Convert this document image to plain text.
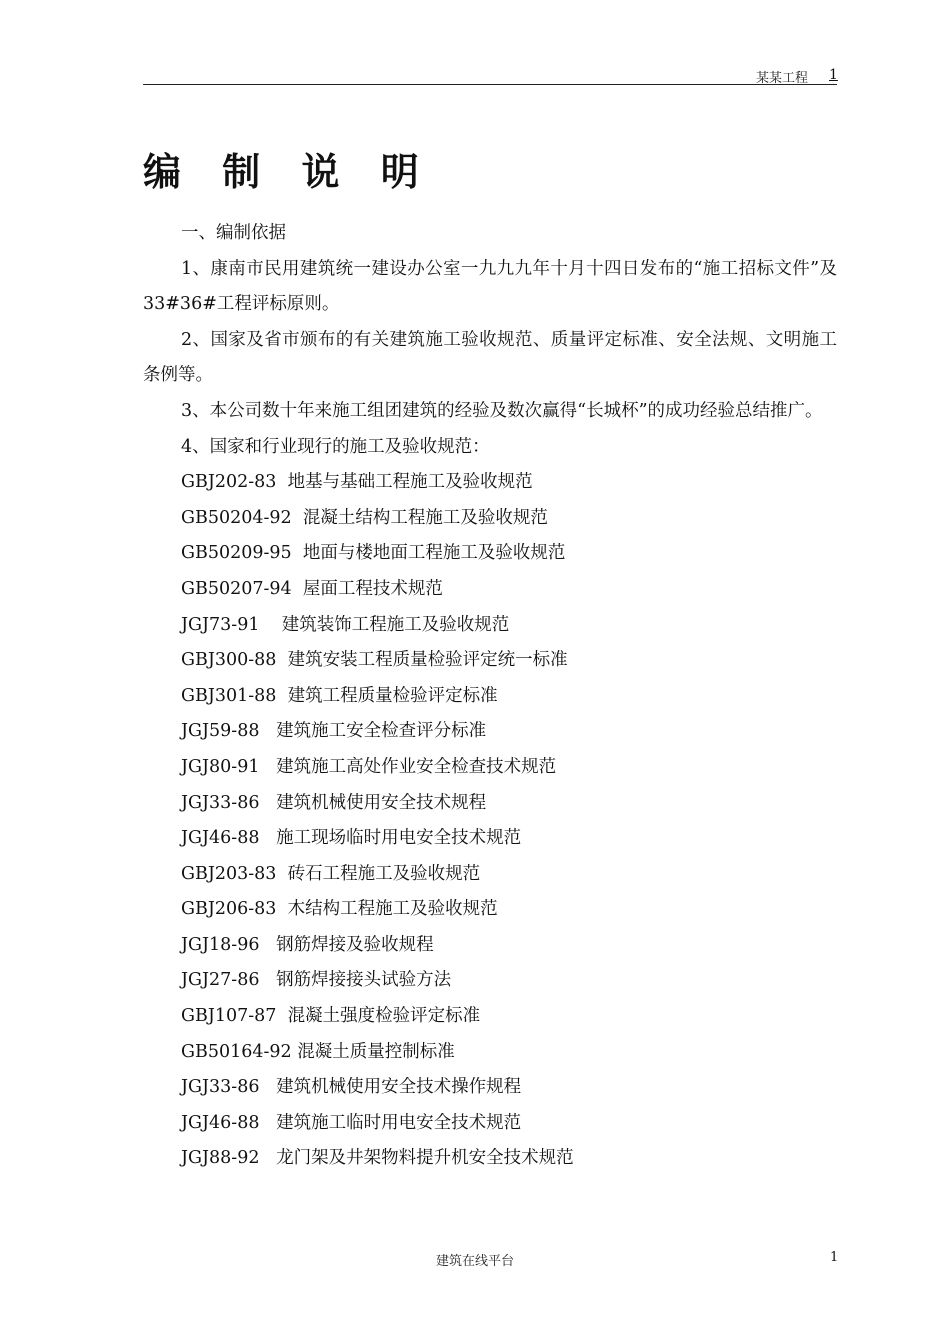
某某工程 1
编 制 说 明

一、编制依据

1、康南市民用建筑统一建设办公室一九九九年十月十四日发布的“施工招标文件”及33#36#工程评标原则。

2、国家及省市颁布的有关建筑施工验收规范、质量评定标准、安全法规、文明施工条例等。

3、本公司数十年来施工组团建筑的经验及数次赢得“长城杯”的成功经验总结推广。

4、国家和行业现行的施工及验收规范：

GBJ202-83  地基与基础工程施工及验收规范

GB50204-92  混凝土结构工程施工及验收规范

GB50209-95  地面与楼地面工程施工及验收规范

GB50207-94  屋面工程技术规范

JGJ73-91    建筑装饰工程施工及验收规范

GBJ300-88  建筑安装工程质量检验评定统一标准

GBJ301-88  建筑工程质量检验评定标准

JGJ59-88   建筑施工安全检查评分标准

JGJ80-91   建筑施工高处作业安全检查技术规范

JGJ33-86   建筑机械使用安全技术规程

JGJ46-88   施工现场临时用电安全技术规范

GBJ203-83  砖石工程施工及验收规范

GBJ206-83  木结构工程施工及验收规范

JGJ18-96   钢筋焊接及验收规程

JGJ27-86   钢筋焊接接头试验方法

GBJ107-87  混凝土强度检验评定标准

GB50164-92 混凝土质量控制标准

JGJ33-86   建筑机械使用安全技术操作规程

JGJ46-88   建筑施工临时用电安全技术规范

JGJ88-92   龙门架及井架物料提升机安全技术规范

建筑在线平台	1
